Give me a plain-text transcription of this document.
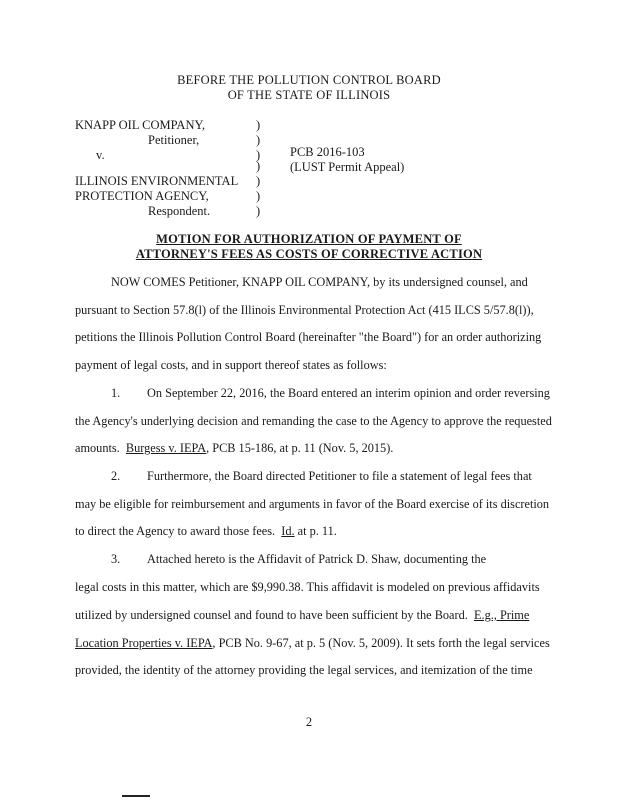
BEFORE THE POLLUTION CONTROL BOARD
OF THE STATE OF ILLINOIS
KNAPP OIL COMPANY,
Petitioner,
v.
ILLINOIS ENVIRONMENTAL
PROTECTION AGENCY,
Respondent.
)
)
)
)
)
)
)
PCB 2016-103
(LUST Permit Appeal)
MOTION FOR AUTHORIZATION OF PAYMENT OF
ATTORNEY'S FEES AS COSTS OF CORRECTIVE ACTION
NOW COMES Petitioner, KNAPP OIL COMPANY, by its undersigned counsel, and
pursuant to Section 57.8(l) of the Illinois Environmental Protection Act (415 ILCS 5/57.8(l)),
petitions the Illinois Pollution Control Board (hereinafter "the Board") for an order authorizing
payment of legal costs, and in support thereof states as follows:
1. On September 22, 2016, the Board entered an interim opinion and order reversing
the Agency's underlying decision and remanding the case to the Agency to approve the requested
amounts. Burgess v. IEPA, PCB 15-186, at p. 11 (Nov. 5, 2015).
2. Furthermore, the Board directed Petitioner to file a statement of legal fees that
may be eligible for reimbursement and arguments in favor of the Board exercise of its discretion
to direct the Agency to award those fees. Id. at p. 11.
3. Attached hereto is the Affidavit of Patrick D. Shaw, documenting the
legal costs in this matter, which are $9,990.38. This affidavit is modeled on previous affidavits
utilized by undersigned counsel and found to have been sufficient by the Board. E.g., Prime
Location Properties v. IEPA, PCB No. 9-67, at p. 5 (Nov. 5, 2009). It sets forth the legal services
provided, the identity of the attorney providing the legal services, and itemization of the time
2
